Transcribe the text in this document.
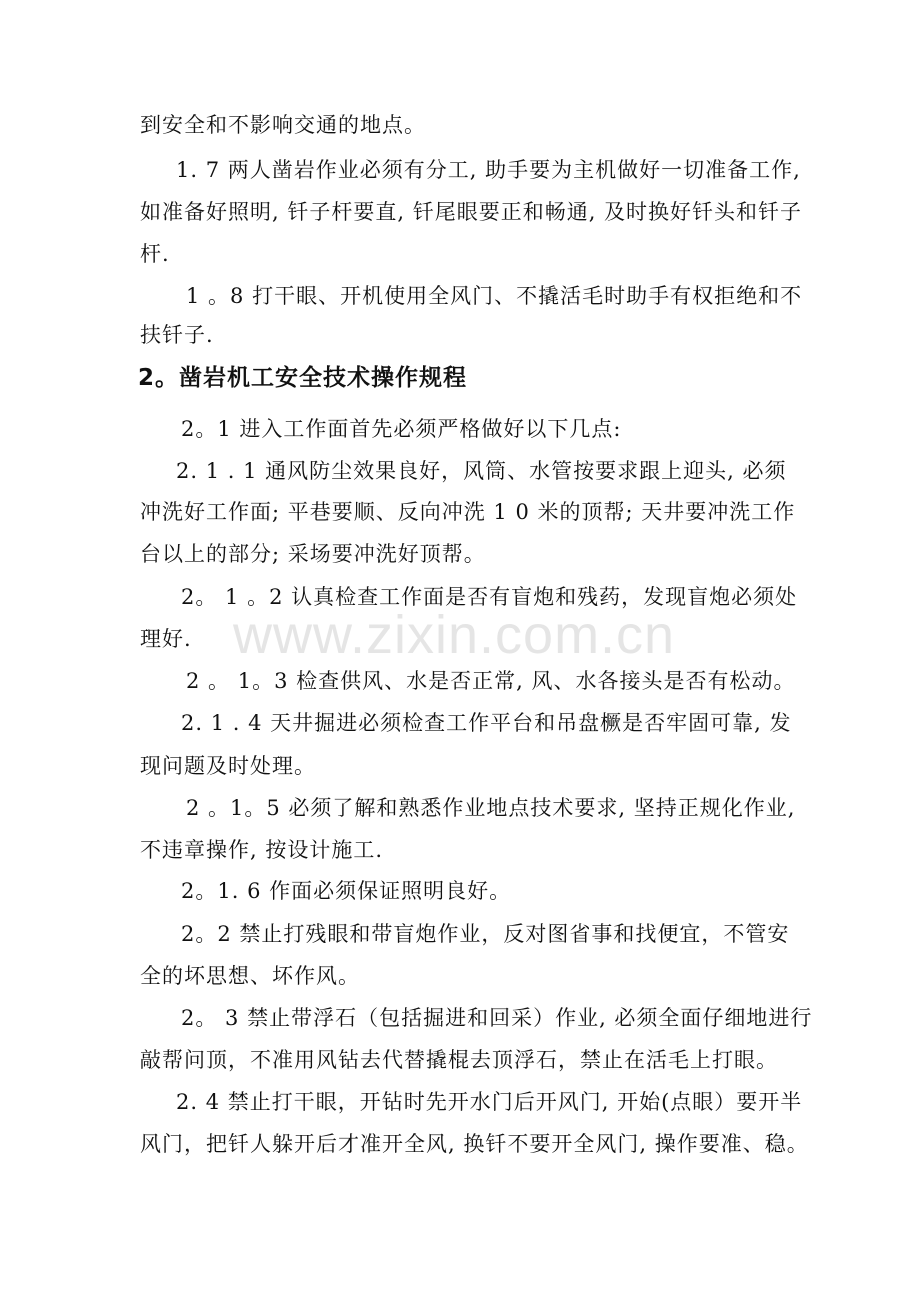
www.zixin.com.cn
到安全和不影响交通的地点。
1. 7 两人凿岩作业必须有分工, 助手要为主机做好一切准备工作,
如准备好照明, 钎子杆要直, 钎尾眼要正和畅通, 及时换好钎头和钎子
杆.
1 。8 打干眼、开机使用全风门、不撬活毛时助手有权拒绝和不
扶钎子.
2。凿岩机工安全技术操作规程
2。1 进入工作面首先必须严格做好以下几点:
2. 1 . 1 通风防尘效果良好，风筒、水管按要求跟上迎头, 必须
冲洗好工作面; 平巷要顺、反向冲洗 1 0 米的顶帮; 天井要冲洗工作
台以上的部分; 采场要冲洗好顶帮。
2。 1 。2 认真检查工作面是否有盲炮和残药，发现盲炮必须处
理好.
2 。 1。3 检查供风、水是否正常, 风、水各接头是否有松动。
2. 1 . 4 天井掘进必须检查工作平台和吊盘橛是否牢固可靠, 发
现问题及时处理。
2 。1。5 必须了解和熟悉作业地点技术要求, 坚持正规化作业,
不违章操作, 按设计施工.
2。1. 6 作面必须保证照明良好。
2。2 禁止打残眼和带盲炮作业，反对图省事和找便宜，不管安
全的坏思想、坏作风。
2。 3 禁止带浮石（包括掘进和回采）作业, 必须全面仔细地进行
敲帮问顶，不准用风钻去代替撬棍去顶浮石，禁止在活毛上打眼。
2. 4 禁止打干眼，开钻时先开水门后开风门, 开始(点眼）要开半
风门，把钎人躲开后才准开全风, 换钎不要开全风门, 操作要准、稳。
